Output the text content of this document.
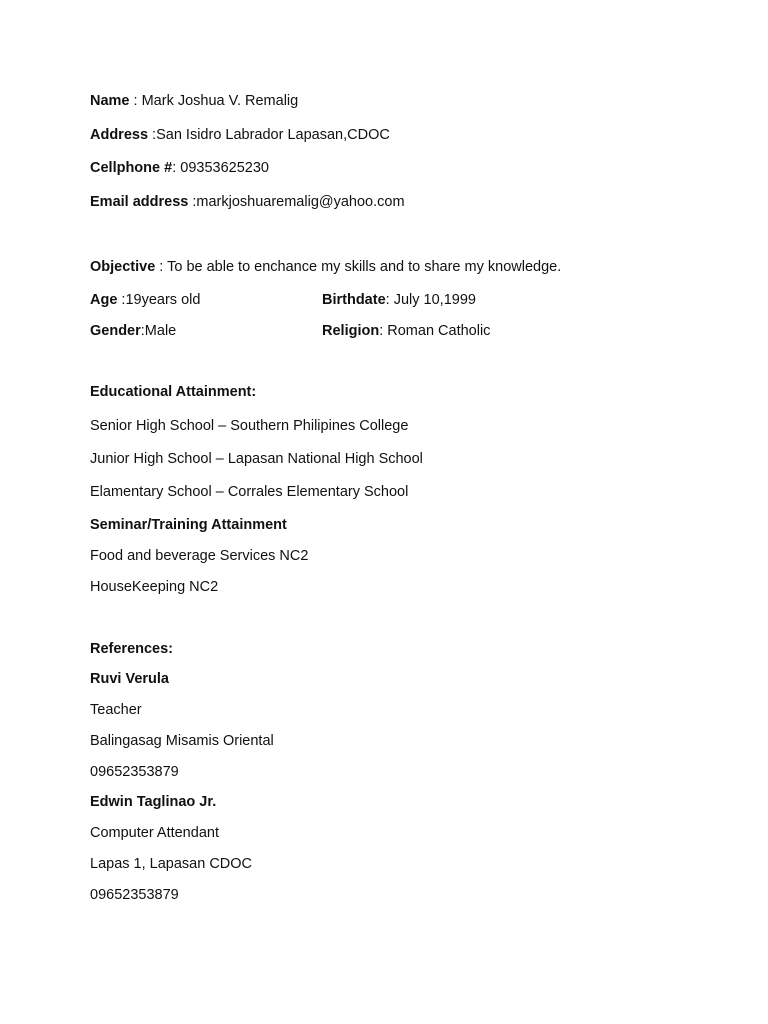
Name : Mark Joshua V. Remalig
Address :San Isidro Labrador Lapasan,CDOC
Cellphone #: 09353625230
Email address :markjoshuaremalig@yahoo.com
Objective : To be able to enchance my skills and to share my knowledge.
Age :19years old	Birthdate: July 10,1999
Gender:Male	Religion: Roman Catholic
Educational Attainment:
Senior High School – Southern Philipines College
Junior High School – Lapasan National High School
Elamentary School – Corrales Elementary School
Seminar/Training Attainment
Food and beverage Services NC2
HouseKeeping NC2
References:
Ruvi Verula
Teacher
Balingasag Misamis Oriental
09652353879
Edwin Taglinao Jr.
Computer Attendant
Lapas 1, Lapasan CDOC
09652353879
